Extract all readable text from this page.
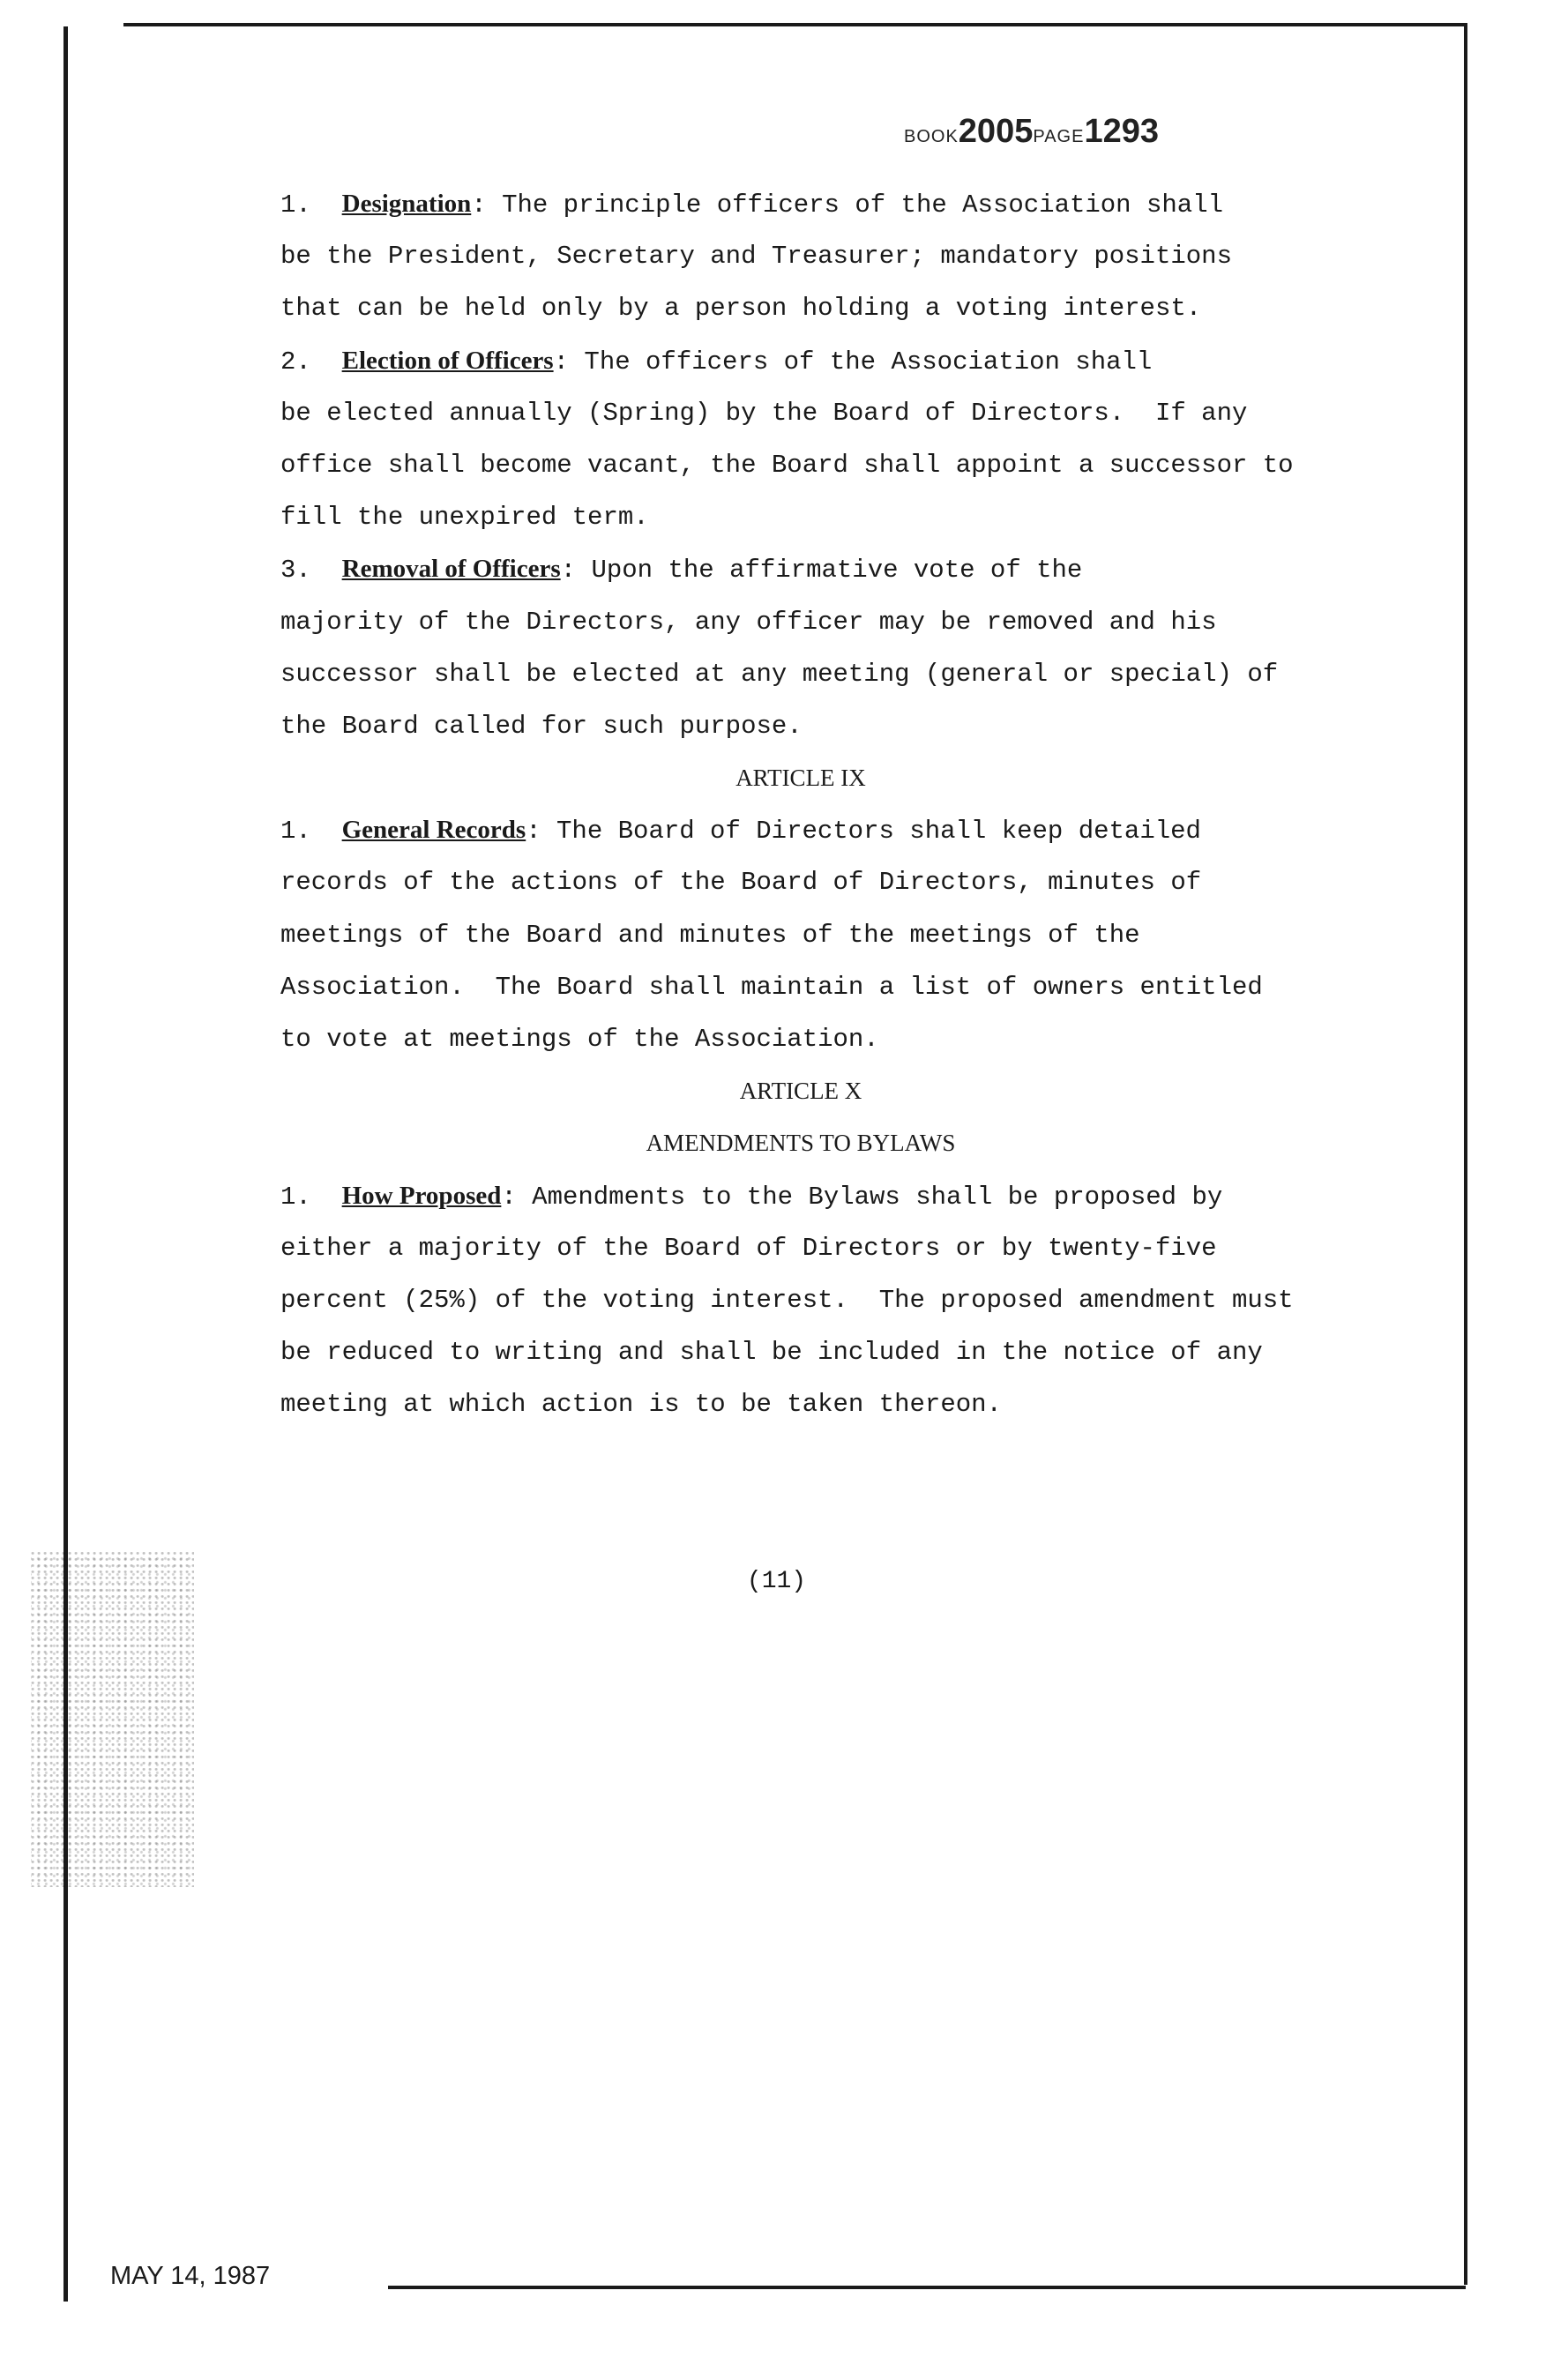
BOOK2005PAGE1293
1. Designation: The principle officers of the Association shall
be the President, Secretary and Treasurer; mandatory positions
that can be held only by a person holding a voting interest.
2. Election of Officers: The officers of the Association shall
be elected annually (Spring) by the Board of Directors.  If any
office shall become vacant, the Board shall appoint a successor to
fill the unexpired term.
3. Removal of Officers: Upon the affirmative vote of the
majority of the Directors, any officer may be removed and his
successor shall be elected at any meeting (general or special) of
the Board called for such purpose.
ARTICLE IX
1. General Records: The Board of Directors shall keep detailed
records of the actions of the Board of Directors, minutes of
meetings of the Board and minutes of the meetings of the
Association.  The Board shall maintain a list of owners entitled
to vote at meetings of the Association.
ARTICLE X
AMENDMENTS TO BYLAWS
1. How Proposed: Amendments to the Bylaws shall be proposed by
either a majority of the Board of Directors or by twenty-five
percent (25%) of the voting interest.  The proposed amendment must
be reduced to writing and shall be included in the notice of any
meeting at which action is to be taken thereon.
(11)
MAY 14, 1987
